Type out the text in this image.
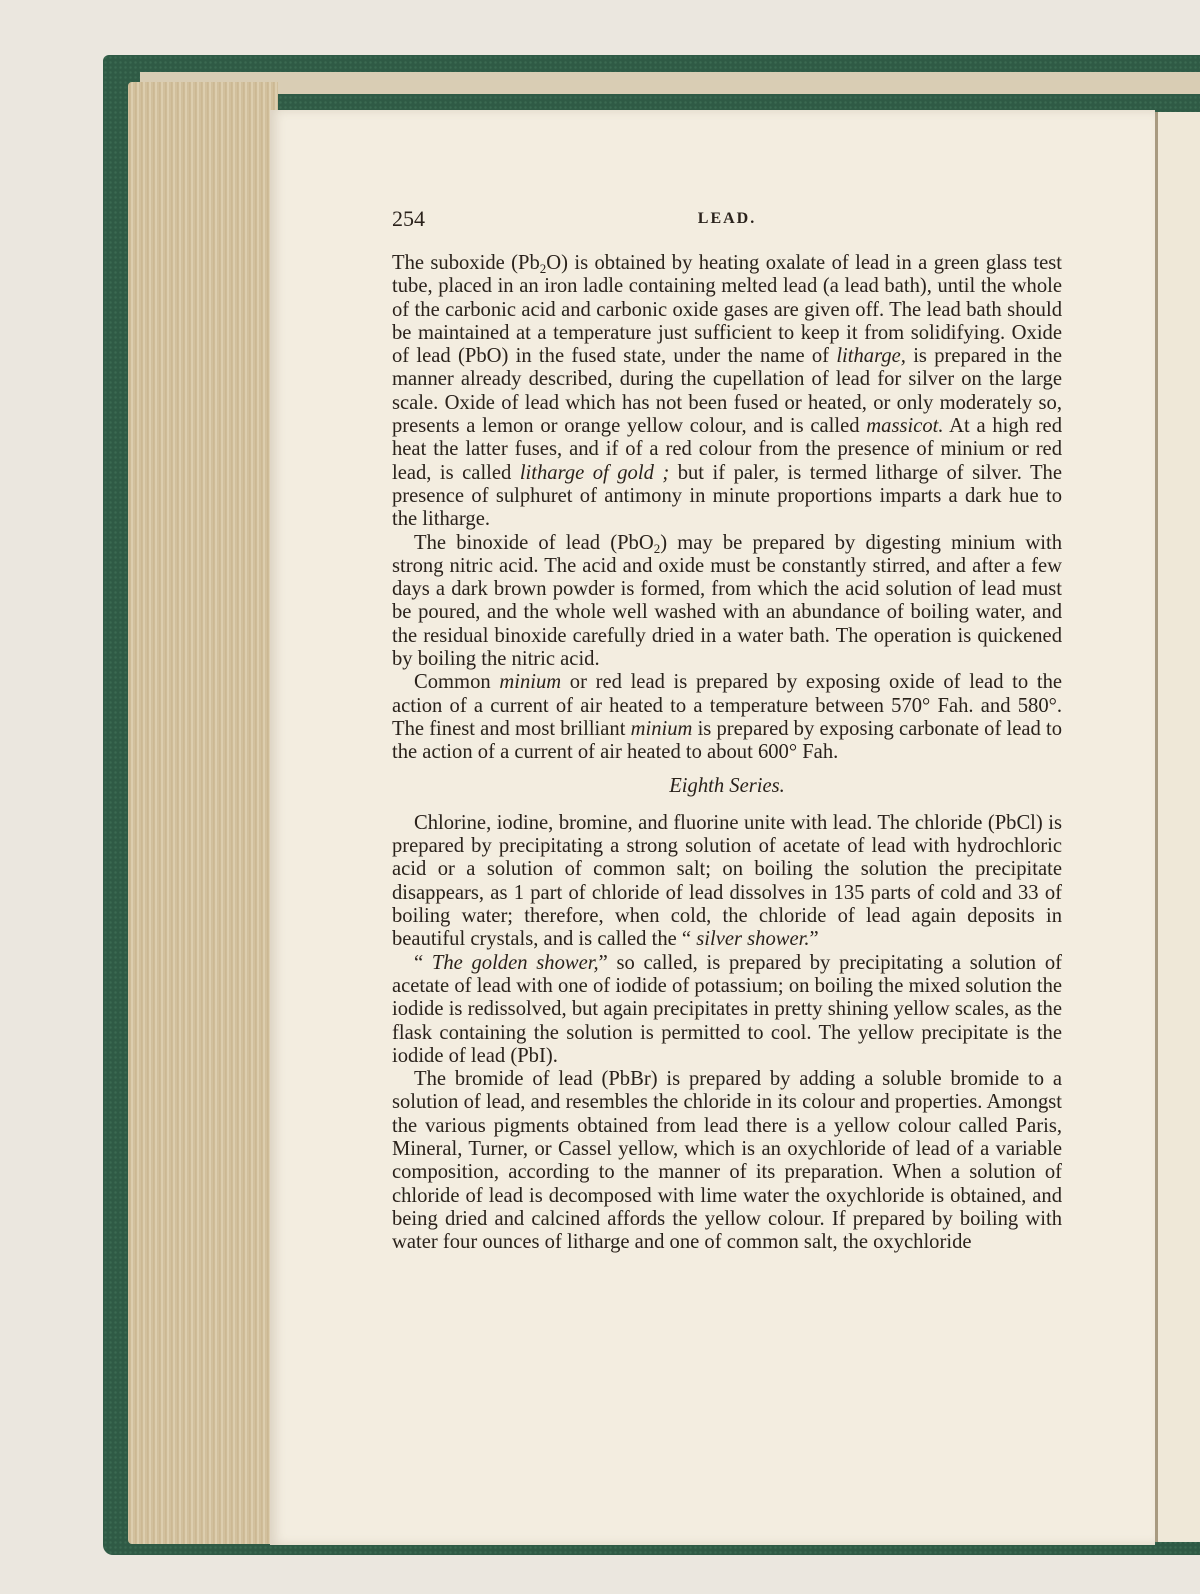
254	LEAD.

The suboxide $(Pb_2O)$ is obtained by heating oxalate of lead in a green glass test tube, placed in an iron ladle containing melted lead (a lead bath), until the whole of the carbonic acid and carbonic oxide gases are given off. The lead bath should be maintained at a temperature just sufficient to keep it from solidifying. Oxide of lead (PbO) in the fused state, under the name of litharge, is prepared in the manner already described, during the cupellation of lead for silver on the large scale. Oxide of lead which has not been fused or heated, or only moderately so, presents a lemon or orange yellow colour, and is called massicot. At a high red heat the latter fuses, and if of a red colour from the presence of minium or red lead, is called litharge of gold ; but if paler, is termed litharge of silver. The presence of sulphuret of antimony in minute proportions imparts a dark hue to the litharge.

The binoxide of lead (PbO$_2$) may be prepared by digesting minium with strong nitric acid. The acid and oxide must be constantly stirred, and after a few days a dark brown powder is formed, from which the acid solution of lead must be poured, and the whole well washed with an abundance of boiling water, and the residual binoxide carefully dried in a water bath. The operation is quickened by boiling the nitric acid.

Common minium or red lead is prepared by exposing oxide of lead to the action of a current of air heated to a temperature between 570° Fah. and 580°. The finest and most brilliant minium is prepared by exposing carbonate of lead to the action of a current of air heated to about 600° Fah.

Eighth Series.

Chlorine, iodine, bromine, and fluorine unite with lead. The chloride (PbCl) is prepared by precipitating a strong solution of acetate of lead with hydrochloric acid or a solution of common salt; on boiling the solution the precipitate disappears, as 1 part of chloride of lead dissolves in 135 parts of cold and 33 of boiling water; therefore, when cold, the chloride of lead again deposits in beautiful crystals, and is called the “ silver shower.”

“ The golden shower,” so called, is prepared by precipitating a solution of acetate of lead with one of iodide of potassium; on boiling the mixed solution the iodide is redissolved, but again precipitates in pretty shining yellow scales, as the flask containing the solution is permitted to cool. The yellow precipitate is the iodide of lead (PbI).

The bromide of lead (PbBr) is prepared by adding a soluble bromide to a solution of lead, and resembles the chloride in its colour and properties. Amongst the various pigments obtained from lead there is a yellow colour called Paris, Mineral, Turner, or Cassel yellow, which is an oxychloride of lead of a variable composition, according to the manner of its preparation. When a solution of chloride of lead is decomposed with lime water the oxychloride is obtained, and being dried and calcined affords the yellow colour. If prepared by boiling with water four ounces of litharge and one of common salt, the oxychloride
